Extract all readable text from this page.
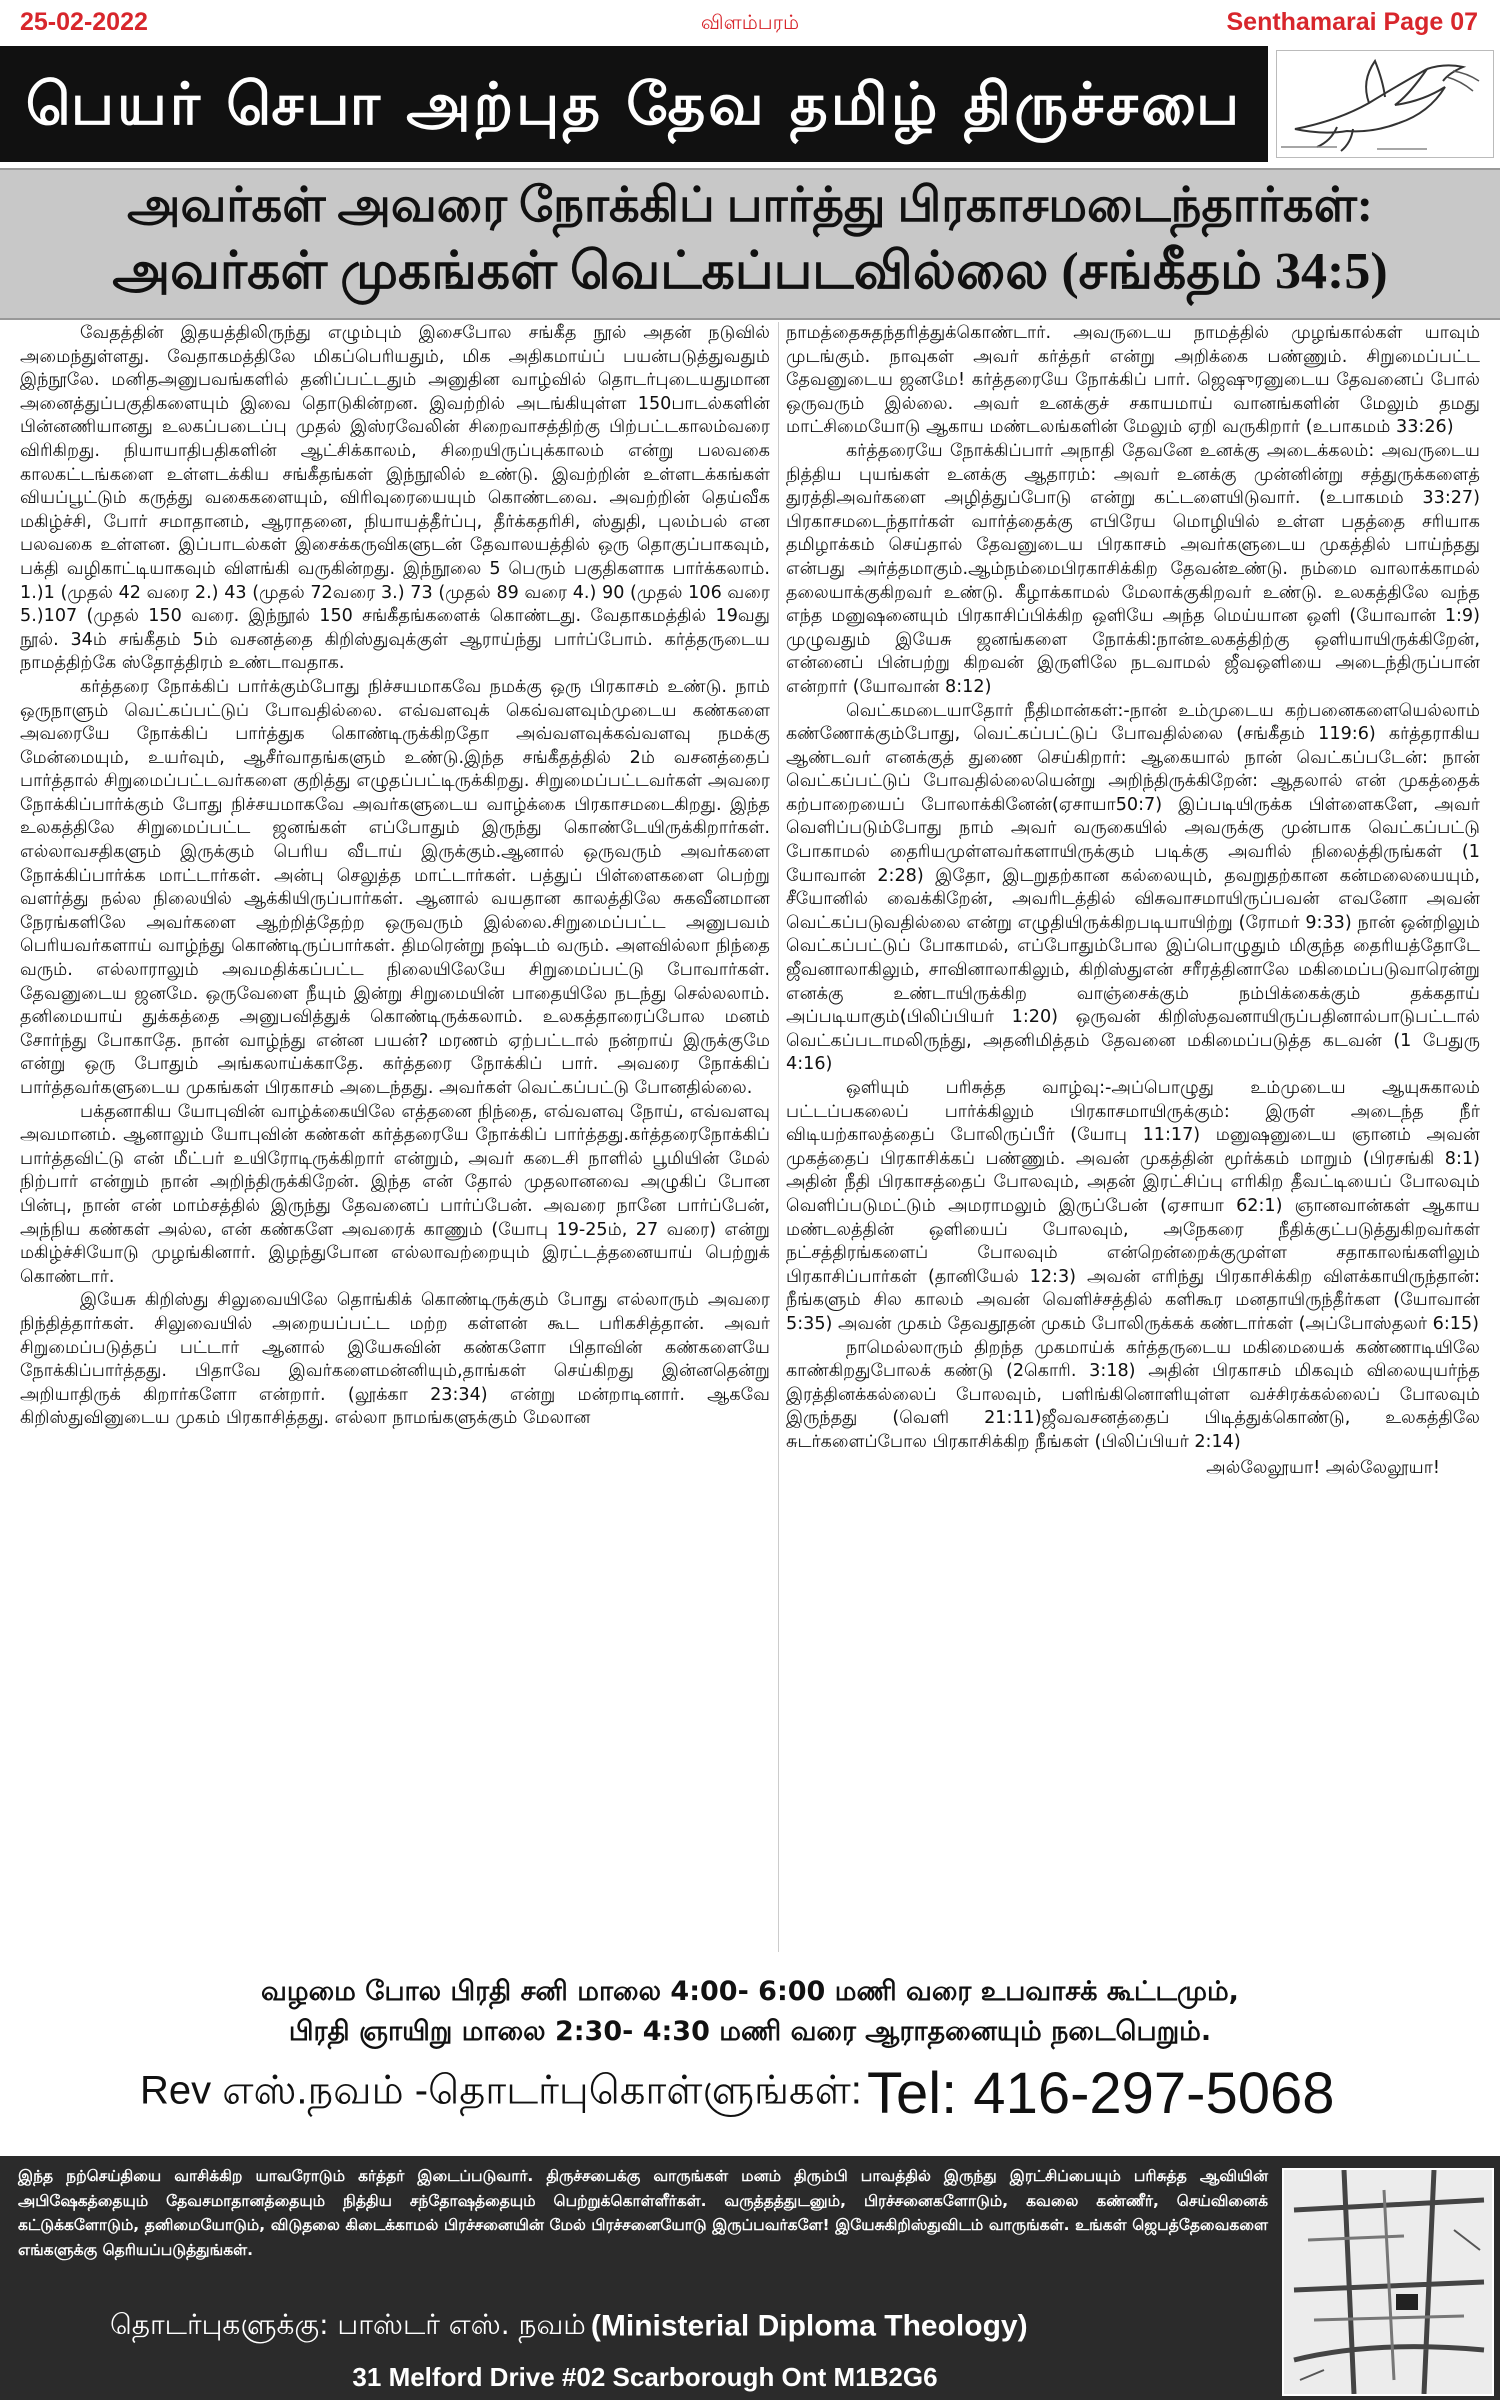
25-02-2022	விளம்பரம்	Senthamarai Page 07
பெயர் செபா அற்புத தேவ தமிழ் திருச்சபை
அவர்கள் அவரை நோக்கிப் பார்த்து பிரகாசமடைந்தார்கள்:
அவர்கள் முகங்கள் வெட்கப்படவில்லை (சங்கீதம் 34:5)

வேதத்தின் இதயத்திலிருந்து எழும்பும் இசைபோல சங்கீத நூல் அதன் நடுவில் அமைந்துள்ளது. வேதாகமத்திலே மிகப்பெரியதும், மிக அதிகமாய்ப் பயன்படுத்துவதும் இந்நூலே. மனிதஅனுபவங்களில் தனிப்பட்டதும் அனுதின வாழ்வில் தொடர்புடையதுமான அனைத்துப்பகுதிகளையும் இவை தொடுகின்றன. இவற்றில் அடங்கியுள்ள 150பாடல்களின் பின்னணியானது உலகப்படைப்பு முதல் இஸ்ரவேலின் சிறைவாசத்திற்கு பிற்பட்டகாலம்வரை விரிகிறது. நியாயாதிபதிகளின் ஆட்சிக்காலம், சிறையிருப்புக்காலம் என்று பலவகை காலகட்டங்களை உள்ளடக்கிய சங்கீதங்கள் இந்நூலில் உண்டு. இவற்றின் உள்ளடக்கங்கள் வியப்பூட்டும் கருத்து வகைகளையும், விரிவுரையையும் கொண்டவை. அவற்றின் தெய்வீக மகிழ்ச்சி, போர் சமாதானம், ஆராதனை, நியாயத்தீர்ப்பு, தீர்க்கதரிசி, ஸ்துதி, புலம்பல் என பலவகை உள்ளன. இப்பாடல்கள் இசைக்கருவிகளுடன் தேவாலயத்தில் ஒரு தொகுப்பாகவும், பக்தி வழிகாட்டியாகவும் விளங்கி வருகின்றது. இந்நூலை 5 பெரும் பகுதிகளாக பார்க்கலாம். 1.)1 (முதல் 42 வரை 2.) 43 (முதல் 72வரை 3.) 73 (முதல் 89 வரை 4.) 90 (முதல் 106 வரை 5.)107 (முதல் 150 வரை. இந்நூல் 150 சங்கீதங்களைக் கொண்டது. வேதாகமத்தில் 19வது நூல். 34ம் சங்கீதம் 5ம் வசனத்தை கிறிஸ்துவுக்குள் ஆராய்ந்து பார்ப்போம். கர்த்தருடைய நாமத்திற்கே ஸ்தோத்திரம் உண்டாவதாக.

கர்த்தரை நோக்கிப் பார்க்கும்போது நிச்சயமாகவே நமக்கு ஒரு பிரகாசம் உண்டு. நாம் ஒருநாளும் வெட்கப்பட்டுப் போவதில்லை. எவ்வளவுக் கெவ்வளவும்முடைய கண்களை அவரையே நோக்கிப் பார்த்துக கொண்டிருக்கிறதோ அவ்வளவுக்கவ்வளவு நமக்கு மேன்மையும், உயர்வும், ஆசீர்வாதங்களும் உண்டு.இந்த சங்கீதத்தில் 2ம் வசனத்தைப் பார்த்தால் சிறுமைப்பட்டவர்களை குறித்து எழுதப்பட்டிருக்கிறது. சிறுமைப்பட்டவர்கள் அவரை நோக்கிப்பார்க்கும் போது நிச்சயமாகவே அவர்களுடைய வாழ்க்கை பிரகாசமடைகிறது. இந்த உலகத்திலே சிறுமைப்பட்ட ஜனங்கள் எப்போதும் இருந்து கொண்டேயிருக்கிறார்கள். எல்லாவசதிகளும் இருக்கும் பெரிய வீடாய் இருக்கும்.ஆனால் ஒருவரும் அவர்களை நோக்கிப்பார்க்க மாட்டார்கள். அன்பு செலுத்த மாட்டார்கள். பத்துப் பிள்ளைகளை பெற்று வளர்த்து நல்ல நிலையில் ஆக்கியிருப்பார்கள். ஆனால் வயதான காலத்திலே சுகவீனமான நேரங்களிலே அவர்களை ஆற்றித்தேற்ற ஒருவரும் இல்லை.சிறுமைப்பட்ட அனுபவம் பெரியவர்களாய் வாழ்ந்து கொண்டிருப்பார்கள். திமரென்று நஷ்டம் வரும். அளவில்லா நிந்தை வரும். எல்லாராலும் அவமதிக்கப்பட்ட நிலையிலேயே சிறுமைப்பட்டு போவார்கள். தேவனுடைய ஜனமே. ஒருவேளை நீயும் இன்று சிறுமையின் பாதையிலே நடந்து செல்லலாம். தனிமையாய் துக்கத்தை அனுபவித்துக் கொண்டிருக்கலாம். உலகத்தாரைப்போல மனம் சோர்ந்து போகாதே. நான் வாழ்ந்து என்ன பயன்? மரணம் ஏற்பட்டால் நன்றாய் இருக்குமே என்று ஒரு போதும் அங்கலாய்க்காதே. கர்த்தரை நோக்கிப் பார். அவரை நோக்கிப் பார்த்தவர்களுடைய முகங்கள் பிரகாசம் அடைந்தது. அவர்கள் வெட்கப்பட்டு போனதில்லை.

பக்தனாகிய யோபுவின் வாழ்க்கையிலே எத்தனை நிந்தை, எவ்வளவு நோய், எவ்வளவு அவமானம். ஆனாலும் யோபுவின் கண்கள் கர்த்தரையே நோக்கிப் பார்த்தது.கர்த்தரைநோக்கிப் பார்த்தவிட்டு என் மீட்பர் உயிரோடிருக்கிறார் என்றும், அவர் கடைசி நாளில் பூமியின் மேல் நிற்பார் என்றும் நான் அறிந்திருக்கிறேன். இந்த என் தோல் முதலானவை அழுகிப் போன பின்பு, நான் என் மாம்சத்தில் இருந்து தேவனைப் பார்ப்பேன். அவரை நானே பார்ப்பேன், அந்நிய கண்கள் அல்ல, என் கண்களே அவரைக் காணும் (யோபு 19-25ம், 27 வரை) என்று மகிழ்ச்சியோடு முழங்கினார். இழந்துபோன எல்லாவற்றையும் இரட்டத்தனையாய் பெற்றுக் கொண்டார்.

இயேசு கிறிஸ்து சிலுவையிலே தொங்கிக் கொண்டிருக்கும் போது எல்லாரும் அவரை நிந்தித்தார்கள். சிலுவையில் அறையப்பட்ட மற்ற கள்ளன் கூட பரிகசித்தான். அவர் சிறுமைப்படுத்தப் பட்டார் ஆனால் இயேசுவின் கண்களோ பிதாவின் கண்களையே நோக்கிப்பார்த்தது. பிதாவே இவர்களைமன்னியும்,தாங்கள் செய்கிறது இன்னதென்று அறியாதிருக் கிறார்களோ என்றார். (லூக்கா 23:34) என்று மன்றாடினார். ஆகவே கிறிஸ்துவினுடைய முகம் பிரகாசித்தது. எல்லா நாமங்களுக்கும் மேலான

நாமத்தைசுதந்தரித்துக்கொண்டார். அவருடைய நாமத்தில் முழங்கால்கள் யாவும் முடங்கும். நாவுகள் அவர் கர்த்தர் என்று அறிக்கை பண்ணும். சிறுமைப்பட்ட தேவனுடைய ஜனமே! கர்த்தரையே நோக்கிப் பார். ஜெஷுரனுடைய தேவனைப் போல் ஒருவரும் இல்லை. அவர் உனக்குச் சகாயமாய் வானங்களின் மேலும் தமது மாட்சிமையோடு ஆகாய மண்டலங்களின் மேலும் ஏறி வருகிறார் (உபாகமம் 33:26)

கர்த்தரையே நோக்கிப்பார் அநாதி தேவனே உனக்கு அடைக்கலம்: அவருடைய நித்திய புயங்கள் உனக்கு ஆதாரம்: அவர் உனக்கு முன்னின்று சத்துருக்களைத் துரத்திஅவர்களை அழித்துப்போடு என்று கட்டளையிடுவார். (உபாகமம் 33:27) பிரகாசமடைந்தார்கள் வார்த்தைக்கு எபிரேய மொழியில் உள்ள பதத்தை சரியாக தமிழாக்கம் செய்தால் தேவனுடைய பிரகாசம் அவர்களுடைய முகத்தில் பாய்ந்தது என்பது அர்த்தமாகும்.ஆம்நம்மைபிரகாசிக்கிற தேவன்உண்டு. நம்மை வாலாக்காமல் தலையாக்குகிறவர் உண்டு. கீழாக்காமல் மேலாக்குகிறவர் உண்டு. உலகத்திலே வந்த எந்த மனுஷனையும் பிரகாசிப்பிக்கிற ஒளியே அந்த மெய்யான ஒளி (யோவான் 1:9) முழுவதும் இயேசு ஜனங்களை நோக்கி:நான்உலகத்திற்கு ஒளியாயிருக்கிறேன், என்னைப் பின்பற்று கிறவன் இருளிலே நடவாமல் ஜீவஒளியை அடைந்திருப்பான் என்றார் (யோவான் 8:12)

வெட்கமடையாதோர் நீதிமான்கள்:-நான் உம்முடைய கற்பனைகளையெல்லாம் கண்ணோக்கும்போது, வெட்கப்பட்டுப் போவதில்லை (சங்கீதம் 119:6) கர்த்தராகிய ஆண்டவர் எனக்குத் துணை செய்கிறார்: ஆகையால் நான் வெட்கப்படேன்: நான் வெட்கப்பட்டுப் போவதில்லையென்று அறிந்திருக்கிறேன்: ஆதலால் என் முகத்தைக் கற்பாறையைப் போலாக்கினேன்(ஏசாயா50:7) இப்படியிருக்க பிள்ளைகளே, அவர் வெளிப்படும்போது நாம் அவர் வருகையில் அவருக்கு முன்பாக வெட்கப்பட்டு போகாமல் தைரியமுள்ளவர்களாயிருக்கும் படிக்கு அவரில் நிலைத்திருங்கள் (1 யோவான் 2:28) இதோ, இடறுதற்கான கல்லையும், தவறுதற்கான கன்மலையையும், சீயோனில் வைக்கிறேன், அவரிடத்தில் விசுவாசமாயிருப்பவன் எவனோ அவன் வெட்கப்படுவதில்லை என்று எழுதியிருக்கிறபடியாயிற்று (ரோமர் 9:33) நான் ஒன்றிலும் வெட்கப்பட்டுப் போகாமல், எப்போதும்போல இப்பொழுதும் மிகுந்த தைரியத்தோடே ஜீவனாலாகிலும், சாவினாலாகிலும், கிறிஸ்துஎன் சரீரத்தினாலே மகிமைப்படுவாரென்று எனக்கு உண்டாயிருக்கிற வாஞ்சைக்கும் நம்பிக்கைக்கும் தக்கதாய் அப்படியாகும்(பிலிப்பியர் 1:20) ஒருவன் கிறிஸ்தவனாயிருப்பதினால்பாடுபட்டால் வெட்கப்படாமலிருந்து, அதனிமித்தம் தேவனை மகிமைப்படுத்த கடவன் (1 பேதுரு 4:16)

ஒளியும் பரிசுத்த வாழ்வு:-அப்பொழுது உம்முடைய ஆயுசுகாலம் பட்டப்பகலைப் பார்க்கிலும் பிரகாசமாயிருக்கும்: இருள் அடைந்த நீர் விடியற்காலத்தைப் போலிருப்பீர் (யோபு 11:17) மனுஷனுடைய ஞானம் அவன் முகத்தைப் பிரகாசிக்கப் பண்ணும். அவன் முகத்தின் மூர்க்கம் மாறும் (பிரசங்கி 8:1) அதின் நீதி பிரகாசத்தைப் போலவும், அதன் இரட்சிப்பு எரிகிற தீவட்டியைப் போலவும் வெளிப்படுமட்டும் அமராமலும் இருப்பேன் (ஏசாயா 62:1) ஞானவான்கள் ஆகாய மண்டலத்தின் ஒளியைப் போலவும், அநேகரை நீதிக்குட்படுத்துகிறவர்கள் நட்சத்திரங்களைப் போலவும் என்றென்றைக்குமுள்ள சதாகாலங்களிலும் பிரகாசிப்பார்கள் (தானியேல் 12:3) அவன் எரிந்து பிரகாசிக்கிற விளக்காயிருந்தான்: நீங்களும் சில காலம் அவன் வெளிச்சத்தில் களிகூர மனதாயிருந்தீர்கள (யோவான் 5:35) அவன் முகம் தேவதூதன் முகம் போலிருக்கக் கண்டார்கள் (அப்போஸ்தலர் 6:15)

நாமெல்லாரும் திறந்த முகமாய்க் கர்த்தருடைய மகிமையைக் கண்ணாடியிலே காண்கிறதுபோலக் கண்டு (2கொரி. 3:18) அதின் பிரகாசம் மிகவும் விலையுயர்ந்த இரத்தினக்கல்லைப் போலவும், பளிங்கினொளியுள்ள வச்சிரக்கல்லைப் போலவும் இருந்தது (வெளி 21:11)ஜீவவசனத்தைப் பிடித்துக்கொண்டு, உலகத்திலே சுடர்களைப்போல பிரகாசிக்கிற நீங்கள் (பிலிப்பியர் 2:14)

அல்லேலூயா! அல்லேலூயா!

வழமை போல பிரதி சனி மாலை 4:00- 6:00 மணி வரை உபவாசக் கூட்டமும்,
பிரதி ஞாயிறு மாலை 2:30- 4:30 மணி வரை ஆராதனையும் நடைபெறும்.
Rev எஸ்.நவம் -தொடர்புகொள்ளுங்கள்: Tel: 416-297-5068
இந்த நற்செய்தியை வாசிக்கிற யாவரோடும் கர்த்தர் இடைப்படுவார். திருச்சபைக்கு வாருங்கள் மனம் திரும்பி பாவத்தில் இருந்து இரட்சிப்பையும் பரிசுத்த ஆவியின் அபிஷேகத்தையும் தேவசமாதானத்தையும் நித்திய சந்தோஷத்தையும் பெற்றுக்கொள்ளீர்கள். வருத்தத்துடனும், பிரச்சனைகளோடும், கவலை கண்ணீர், செய்வினைக் கட்டுக்களோடும், தனிமையோடும், விடுதலை கிடைக்காமல் பிரச்சனையின் மேல் பிரச்சனையோடு இருப்பவர்களே! இயேசுகிறிஸ்துவிடம் வாருங்கள். உங்கள் ஜெபத்தேவைகளை எங்களுக்கு தெரியப்படுத்துங்கள்.
தொடர்புகளுக்கு: பாஸ்டர் எஸ். நவம் (Ministerial Diploma Theology)
31 Melford Drive #02 Scarborough Ont M1B2G6
